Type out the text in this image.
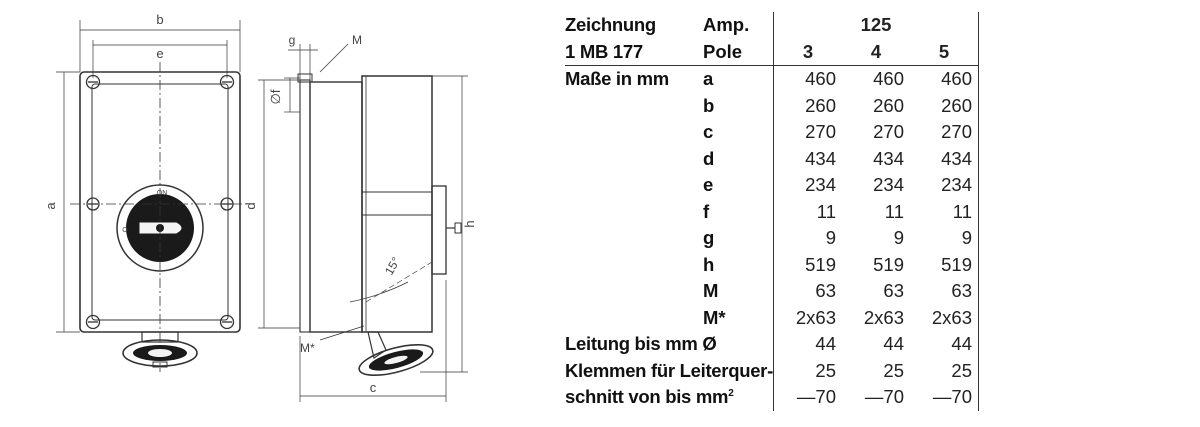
b
e
a
ON
O
g	M
∅f
d
h
c
M*
15°
Zeichnung	Amp.	125		
1 MB 177	Pole	3	4	5
Maße in mm	a	460	460	460
	b	260	260	260
	c	270	270	270
	d	434	434	434
	e	234	234	234
	f	11	11	11
	g	9	9	9
	h	519	519	519
	M	63	63	63
	M*	2x63	2x63	2x63
Leitung bis mm Ø		44	44	44
Klemmen für Leiterquer-		25	25	25
schnitt von bis $mm^2$		—70	—70	—70
